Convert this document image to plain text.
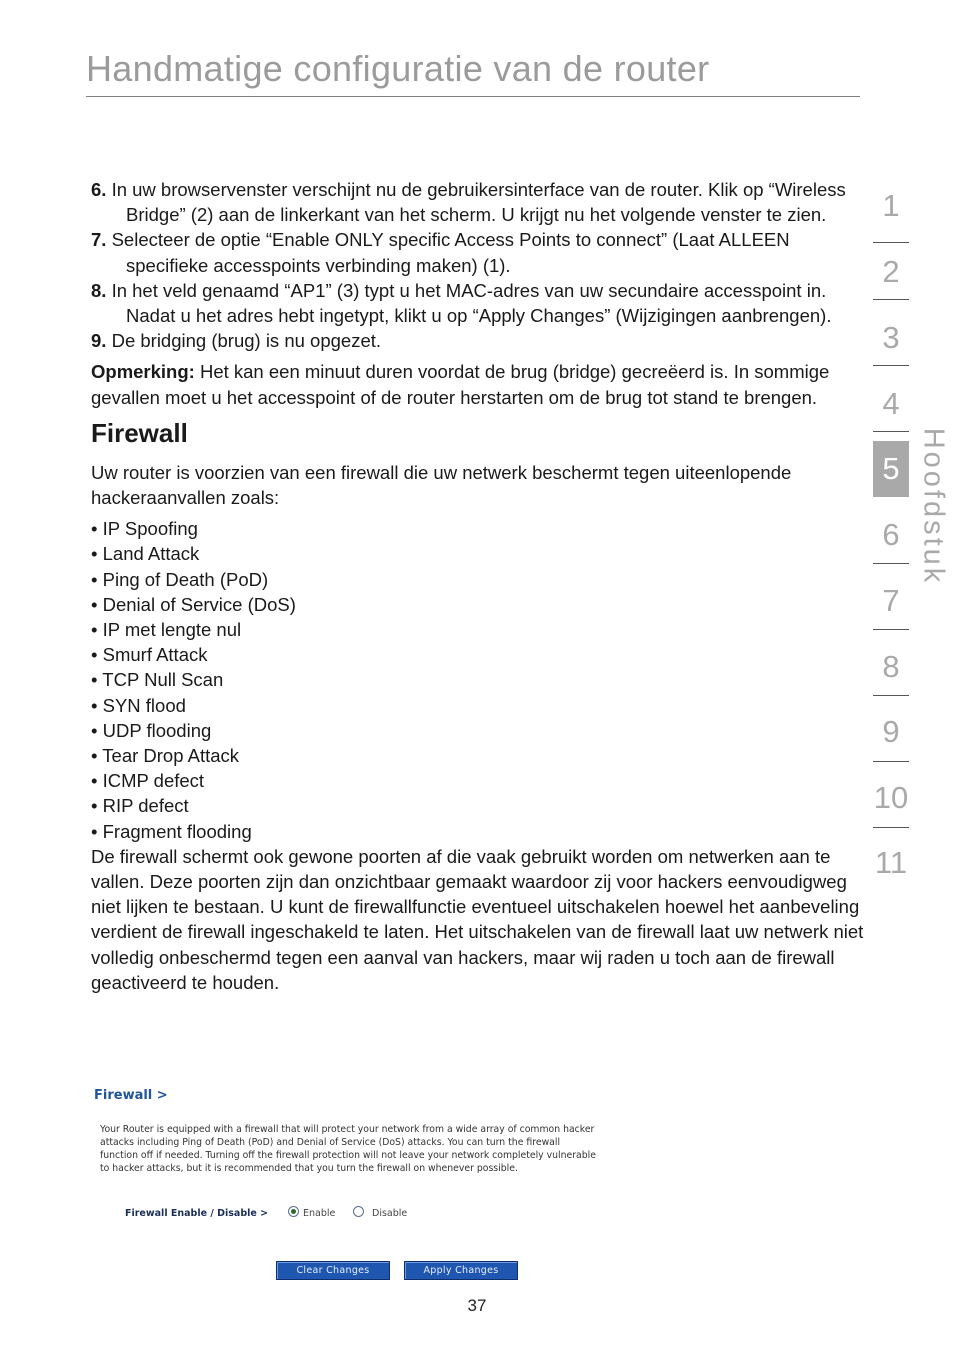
Handmatige configuratie van de router

6. In uw browservenster verschijnt nu de gebruikersinterface van de router. Klik op “Wireless Bridge” (2) aan de linkerkant van het scherm. U krijgt nu het volgende venster te zien.

7. Selecteer de optie “Enable ONLY specific Access Points to connect” (Laat ALLEEN specifieke accesspoints verbinding maken) (1).

8. In het veld genaamd “AP1” (3) typt u het MAC-adres van uw secundaire accesspoint in. Nadat u het adres hebt ingetypt, klikt u op “Apply Changes” (Wijzigingen aanbrengen).

9. De bridging (brug) is nu opgezet.

Opmerking: Het kan een minuut duren voordat de brug (bridge) gecreëerd is. In sommige gevallen moet u het accesspoint of de router herstarten om de brug tot stand te brengen.

Firewall

Uw router is voorzien van een firewall die uw netwerk beschermt tegen uiteenlopende hackeraanvallen zoals:

• IP Spoofing
• Land Attack
• Ping of Death (PoD)
• Denial of Service (DoS)
• IP met lengte nul
• Smurf Attack
• TCP Null Scan
• SYN flood
• UDP flooding
• Tear Drop Attack
• ICMP defect
• RIP defect
• Fragment flooding

De firewall schermt ook gewone poorten af die vaak gebruikt worden om netwerken aan te vallen. Deze poorten zijn dan onzichtbaar gemaakt waardoor zij voor hackers eenvoudigweg niet lijken te bestaan. U kunt de firewallfunctie eventueel uitschakelen hoewel het aanbeveling verdient de firewall ingeschakeld te laten. Het uitschakelen van de firewall laat uw netwerk niet volledig onbeschermd tegen een aanval van hackers, maar wij raden u toch aan de firewall geactiveerd te houden.

1
2
3
4
5
6
7
8
9
10
11
Hoofdstuk
Firewall >
Your Router is equipped with a firewall that will protect your network from a wide array of common hacker
attacks including Ping of Death (PoD) and Denial of Service (DoS) attacks. You can turn the firewall
function off if needed. Turning off the firewall protection will not leave your network completely vulnerable
to hacker attacks, but it is recommended that you turn the firewall on whenever possible.
Firewall Enable / Disable >	Enable	Disable
Clear Changes	Apply Changes
37
